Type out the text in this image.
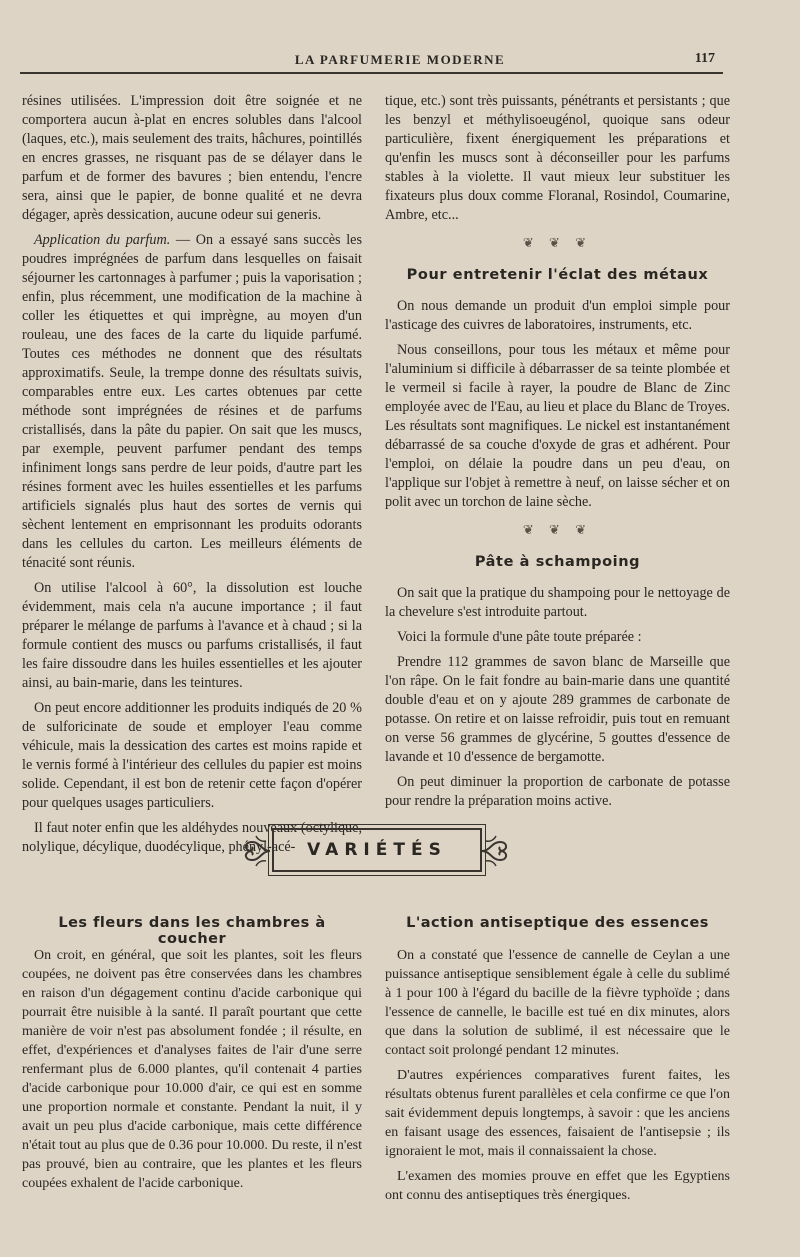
LA PARFUMERIE MODERNE	117

résines utilisées. L'impression doit être soignée et ne comportera aucun à-plat en encres solubles dans l'alcool (laques, etc.), mais seulement des traits, hâchures, pointillés en encres grasses, ne risquant pas de se délayer dans le parfum et de former des bavures ; bien entendu, l'encre sera, ainsi que le papier, de bonne qualité et ne devra dégager, après dessication, aucune odeur sui generis.

Application du parfum. — On a essayé sans succès les poudres imprégnées de parfum dans lesquelles on faisait séjourner les cartonnages à parfumer ; puis la vaporisation ; enfin, plus récemment, une modification de la machine à coller les étiquettes et qui imprègne, au moyen d'un rouleau, une des faces de la carte du liquide parfumé. Toutes ces méthodes ne donnent que des résultats approximatifs. Seule, la trempe donne des résultats suivis, comparables entre eux. Les cartes obtenues par cette méthode sont imprégnées de résines et de parfums cristallisés, dans la pâte du papier. On sait que les muscs, par exemple, peuvent parfumer pendant des temps infiniment longs sans perdre de leur poids, d'autre part les résines forment avec les huiles essentielles et les parfums artificiels signalés plus haut des sortes de vernis qui sèchent lentement en emprisonnant les produits odorants dans les cellules du carton. Les meilleurs éléments de ténacité sont réunis.

On utilise l'alcool à 60°, la dissolution est louche évidemment, mais cela n'a aucune importance ; il faut préparer le mélange de parfums à l'avance et à chaud ; si la formule contient des muscs ou parfums cristallisés, il faut les faire dissoudre dans les huiles essentielles et les ajouter ainsi, au bain-marie, dans les teintures.

On peut encore additionner les produits indiqués de 20 % de sulforicinate de soude et employer l'eau comme véhicule, mais la dessication des cartes est moins rapide et le vernis formé à l'intérieur des cellules du papier est moins solide. Cependant, il est bon de retenir cette façon d'opérer pour quelques usages particuliers.

Il faut noter enfin que les aldéhydes nouveaux (octylique, nolylique, décylique, duodécylique, phényl-acé-

tique, etc.) sont très puissants, pénétrants et persistants ; que les benzyl et méthylisoeugénol, quoique sans odeur particulière, fixent énergiquement les préparations et qu'enfin les muscs sont à déconseiller pour les parfums stables à la violette. Il vaut mieux leur substituer les fixateurs plus doux comme Floranal, Rosindol, Coumarine, Ambre, etc...

❦ ❦ ❦
Pour entretenir l'éclat des métaux

On nous demande un produit d'un emploi simple pour l'asticage des cuivres de laboratoires, instruments, etc.

Nous conseillons, pour tous les métaux et même pour l'aluminium si difficile à débarrasser de sa teinte plombée et le vermeil si facile à rayer, la poudre de Blanc de Zinc employée avec de l'Eau, au lieu et place du Blanc de Troyes. Les résultats sont magnifiques. Le nickel est instantanément débarrassé de sa couche d'oxyde de gras et adhérent. Pour l'emploi, on délaie la poudre dans un peu d'eau, on l'applique sur l'objet à remettre à neuf, on laisse sécher et on polit avec un torchon de laine sèche.

❦ ❦ ❦
Pâte à schampoing

On sait que la pratique du shampoing pour le nettoyage de la chevelure s'est introduite partout.

Voici la formule d'une pâte toute préparée :

Prendre 112 grammes de savon blanc de Marseille que l'on râpe. On le fait fondre au bain-marie dans une quantité double d'eau et on y ajoute 289 grammes de carbonate de potasse. On retire et on laisse refroidir, puis tout en remuant on verse 56 grammes de glycérine, 5 gouttes d'essence de lavande et 10 d'essence de bergamotte.

On peut diminuer la proportion de carbonate de potasse pour rendre la préparation moins active.

VARIÉTÉS
Les fleurs dans les chambres à coucher
L'action antiseptique des essences

On croit, en général, que soit les plantes, soit les fleurs coupées, ne doivent pas être conservées dans les chambres en raison d'un dégagement continu d'acide carbonique qui pourrait être nuisible à la santé. Il paraît pourtant que cette manière de voir n'est pas absolument fondée ; il résulte, en effet, d'expériences et d'analyses faites de l'air d'une serre renfermant plus de 6.000 plantes, qu'il contenait 4 parties d'acide carbonique pour 10.000 d'air, ce qui est en somme une proportion normale et constante. Pendant la nuit, il y avait un peu plus d'acide carbonique, mais cette différence n'était tout au plus que de 0.36 pour 10.000. Du reste, il n'est pas prouvé, bien au contraire, que les plantes et les fleurs coupées exhalent de l'acide carbonique.

On a constaté que l'essence de cannelle de Ceylan a une puissance antiseptique sensiblement égale à celle du sublimé à 1 pour 100 à l'égard du bacille de la fièvre typhoïde ; dans l'essence de cannelle, le bacille est tué en dix minutes, alors que dans la solution de sublimé, il est nécessaire que le contact soit prolongé pendant 12 minutes.

D'autres expériences comparatives furent faites, les résultats obtenus furent parallèles et cela confirme ce que l'on sait évidemment depuis longtemps, à savoir : que les anciens en faisant usage des essences, faisaient de l'antisepsie ; ils ignoraient le mot, mais il connaissaient la chose.

L'examen des momies prouve en effet que les Egyptiens ont connu des antiseptiques très énergiques.
